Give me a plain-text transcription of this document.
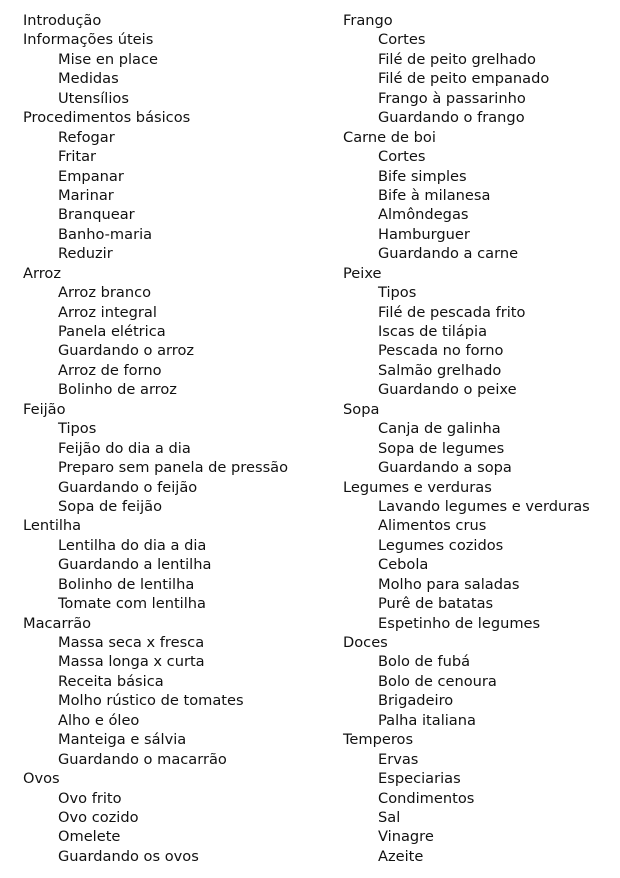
Introdução
Informações úteis
Mise en place
Medidas
Utensílios
Procedimentos básicos
Refogar
Fritar
Empanar
Marinar
Branquear
Banho-maria
Reduzir
Arroz
Arroz branco
Arroz integral
Panela elétrica
Guardando o arroz
Arroz de forno
Bolinho de arroz
Feijão
Tipos
Feijão do dia a dia
Preparo sem panela de pressão
Guardando o feijão
Sopa de feijão
Lentilha
Lentilha do dia a dia
Guardando a lentilha
Bolinho de lentilha
Tomate com lentilha
Macarrão
Massa seca x fresca
Massa longa x curta
Receita básica
Molho rústico de tomates
Alho e óleo
Manteiga e sálvia
Guardando o macarrão
Ovos
Ovo frito
Ovo cozido
Omelete
Guardando os ovos
Frango
Cortes
Filé de peito grelhado
Filé de peito empanado
Frango à passarinho
Guardando o frango
Carne de boi
Cortes
Bife simples
Bife à milanesa
Almôndegas
Hamburguer
Guardando a carne
Peixe
Tipos
Filé de pescada frito
Iscas de tilápia
Pescada no forno
Salmão grelhado
Guardando o peixe
Sopa
Canja de galinha
Sopa de legumes
Guardando a sopa
Legumes e verduras
Lavando legumes e verduras
Alimentos crus
Legumes cozidos
Cebola
Molho para saladas
Purê de batatas
Espetinho de legumes
Doces
Bolo de fubá
Bolo de cenoura
Brigadeiro
Palha italiana
Temperos
Ervas
Especiarias
Condimentos
Sal
Vinagre
Azeite
